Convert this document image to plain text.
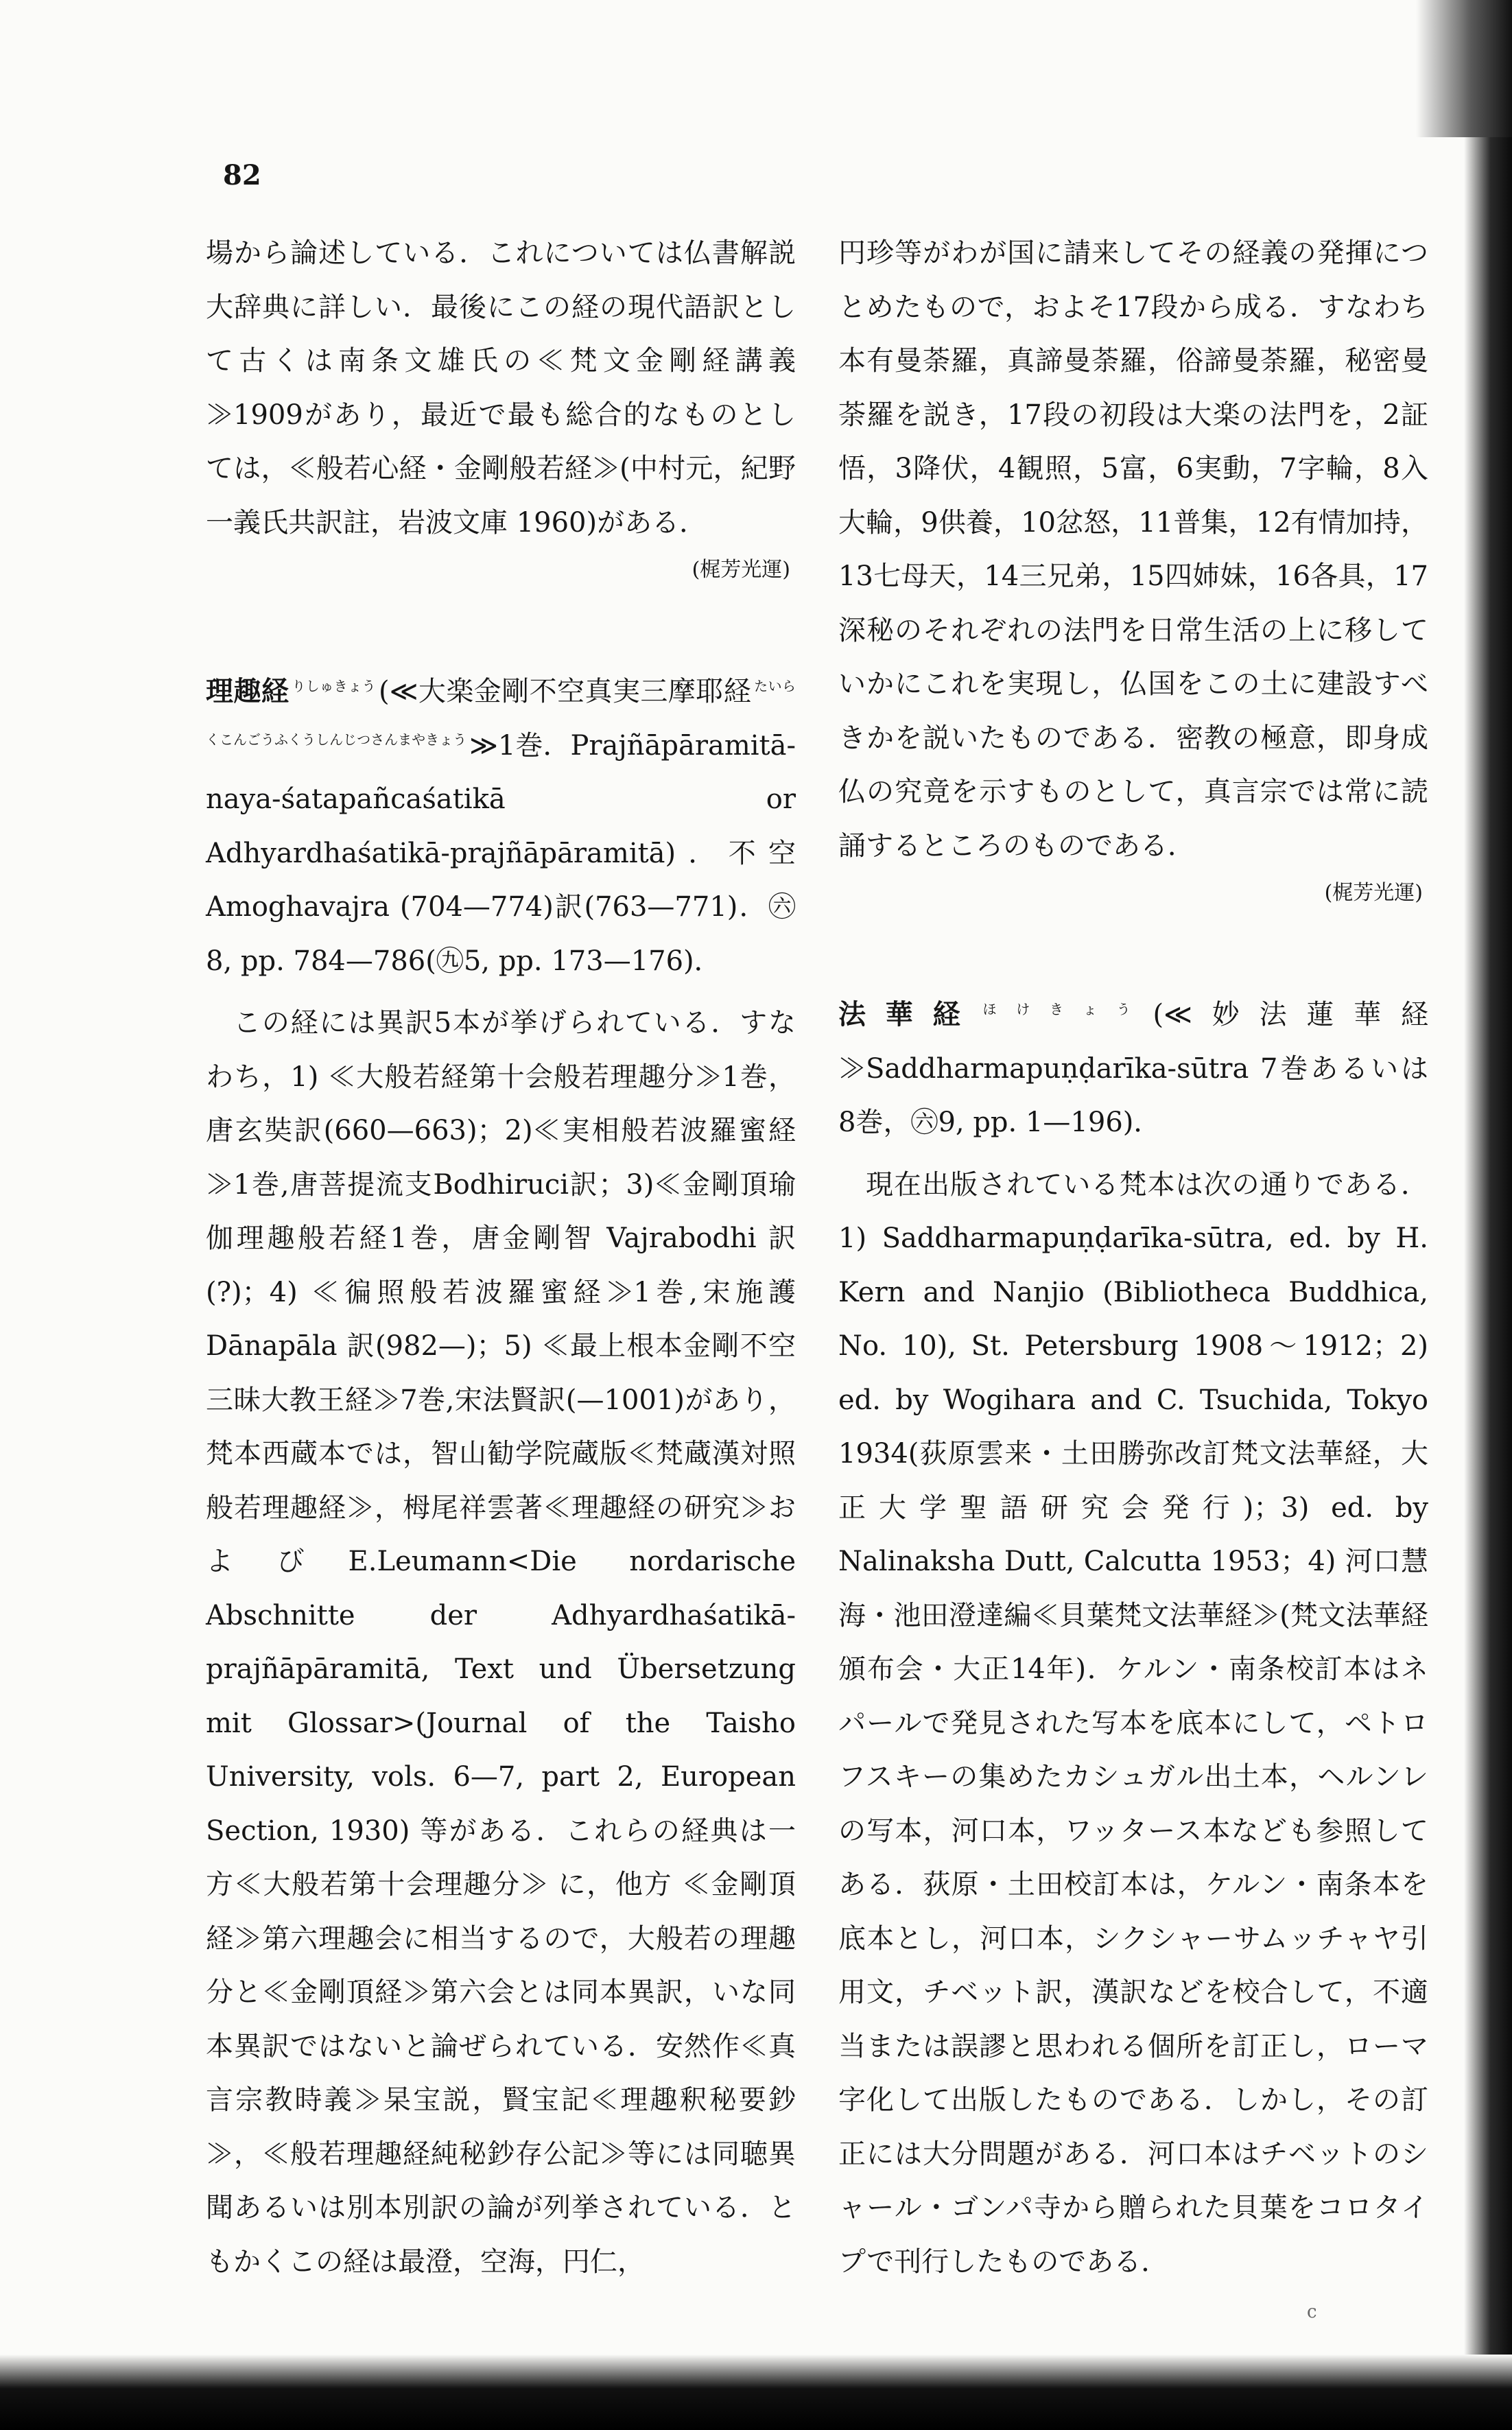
82

場から論述している．これについては仏書解説大辞典に詳しい．最後にこの経の現代語訳として古くは南条文雄氏の≪梵文金剛経講義≫1909があり，最近で最も総合的なものとしては，≪般若心経・金剛般若経≫(中村元，紀野一義氏共訳註，岩波文庫 1960)がある．

(梶芳光運)

理趣経 $^{りしゅきょう}$ (≪大楽金剛不空真実三摩耶経 $^{たいらくこんごうふくうしんじつさんまやきょう}$ ≫1巻．Prajñāpāramitā-naya-śatapañcaśatikā or Adhyardhaśatikā-prajñāpāramitā)．不空 Amoghavajra (704—774)訳(763—771)．㊅ 8, pp. 784—786(㊈5, pp. 173—176)．

この経には異訳5本が挙げられている．すなわち，1) ≪大般若経第十会般若理趣分≫1巻，唐玄奘訳(660—663)；2)≪実相般若波羅蜜経≫1巻,唐菩提流支Bodhiruci訳；3)≪金剛頂瑜伽理趣般若経1巻，唐金剛智 Vajrabodhi 訳(?)；4) ≪徧照般若波羅蜜経≫1巻,宋施護 Dānapāla 訳(982—)；5) ≪最上根本金剛不空三昧大教王経≫7巻,宋法賢訳(—1001)があり，梵本西蔵本では，智山勧学院蔵版≪梵蔵漢対照般若理趣経≫，栂尾祥雲著≪理趣経の研究≫およびE.Leumann<Die nordarische Abschnitte der Adhyardhaśatikā-prajñāpāramitā, Text und Übersetzung mit Glossar>(Journal of the Taisho University, vols. 6—7, part 2, European Section, 1930) 等がある．これらの経典は一方≪大般若第十会理趣分≫ に，他方 ≪金剛頂経≫第六理趣会に相当するので，大般若の理趣分と≪金剛頂経≫第六会とは同本異訳，いな同本異訳ではないと論ぜられている．安然作≪真言宗教時義≫杲宝説，賢宝記≪理趣釈秘要鈔≫，≪般若理趣経純秘鈔存公記≫等には同聴異聞あるいは別本別訳の論が列挙されている．ともかくこの経は最澄，空海，円仁，

円珍等がわが国に請来してその経義の発揮につとめたもので，およそ17段から成る．すなわち本有曼荼羅，真諦曼荼羅，俗諦曼荼羅，秘密曼荼羅を説き，17段の初段は大楽の法門を，2証悟，3降伏，4観照，5富，6実動，7字輪，8入大輪，9供養，10忿怒，11普集，12有情加持，13七母天，14三兄弟，15四姉妹，16各具，17深秘のそれぞれの法門を日常生活の上に移していかにこれを実現し，仏国をこの土に建設すべきかを説いたものである．密教の極意，即身成仏の究竟を示すものとして，真言宗では常に読誦するところのものである．

(梶芳光運)

法華経 $^{ほけきょう}$ (≪妙法蓮華経≫Saddharmapuṇḍarīka-sūtra 7巻あるいは 8巻，㊅9, pp. 1—196)．

現在出版されている梵本は次の通りである．1) Saddharmapuṇḍarīka-sūtra, ed. by H. Kern and Nanjio (Bibliotheca Buddhica, No. 10), St. Petersburg 1908～1912；2) ed. by Wogihara and C. Tsuchida, Tokyo 1934(荻原雲来・土田勝弥改訂梵文法華経，大正大学聖語研究会発行)；3) ed. by Nalinaksha Dutt, Calcutta 1953；4) 河口慧海・池田澄達編≪貝葉梵文法華経≫(梵文法華経頒布会・大正14年)．ケルン・南条校訂本はネパールで発見された写本を底本にして，ペトロフスキーの集めたカシュガル出土本，ヘルンレの写本，河口本，ワッタース本なども参照してある．荻原・土田校訂本は，ケルン・南条本を底本とし，河口本，シクシャーサムッチャヤ引用文，チベット訳，漢訳などを校合して，不適当または誤謬と思われる個所を訂正し，ローマ字化して出版したものである．しかし，その訂正には大分問題がある．河口本はチベットのシャール・ゴンパ寺から贈られた貝葉をコロタイプで刊行したものである．

c
